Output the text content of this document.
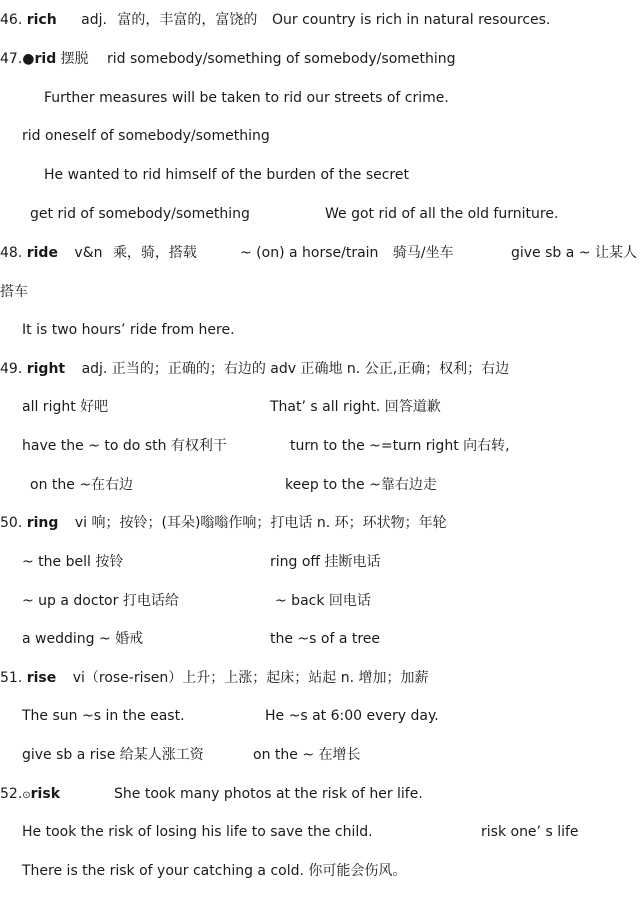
46. rich adj. 富的，丰富的，富饶的 Our country is rich in natural resources.
47.●rid 摆脱 rid somebody/something of somebody/something
Further measures will be taken to rid our streets of crime.
rid oneself of somebody/something
He wanted to rid himself of the burden of the secret
get rid of somebody/something	We got rid of all the old furniture.
48. ride v&n 乘，骑，搭载	~ (on) a horse/train 骑马/坐车	give sb a ~ 让某人
搭车
It is two hours’ ride from here.
49. right adj. 正当的；正确的；右边的 adv 正确地 n. 公正,正确；权利；右边
all right 好吧	That’ s all right. 回答道歉
have the ~ to do sth 有权利干	turn to the ~=turn right 向右转,
on the ~在右边	keep to the ~靠右边走
50. ring vi 响；按铃；(耳朵)嗡嗡作响；打电话 n. 环；环状物；年轮
~ the bell 按铃	ring off 挂断电话
~ up a doctor 打电话给	~ back 回电话
a wedding ~ 婚戒	the ~s of a tree
51. rise vi（rose-risen）上升；上涨；起床；站起 n. 增加；加薪
The sun ~s in the east.	He ~s at 6:00 every day.
give sb a rise 给某人涨工资	on the ~ 在增长
52.⊙risk	She took many photos at the risk of her life.
He took the risk of losing his life to save the child.	risk one’ s life
There is the risk of your catching a cold. 你可能会伤风。
